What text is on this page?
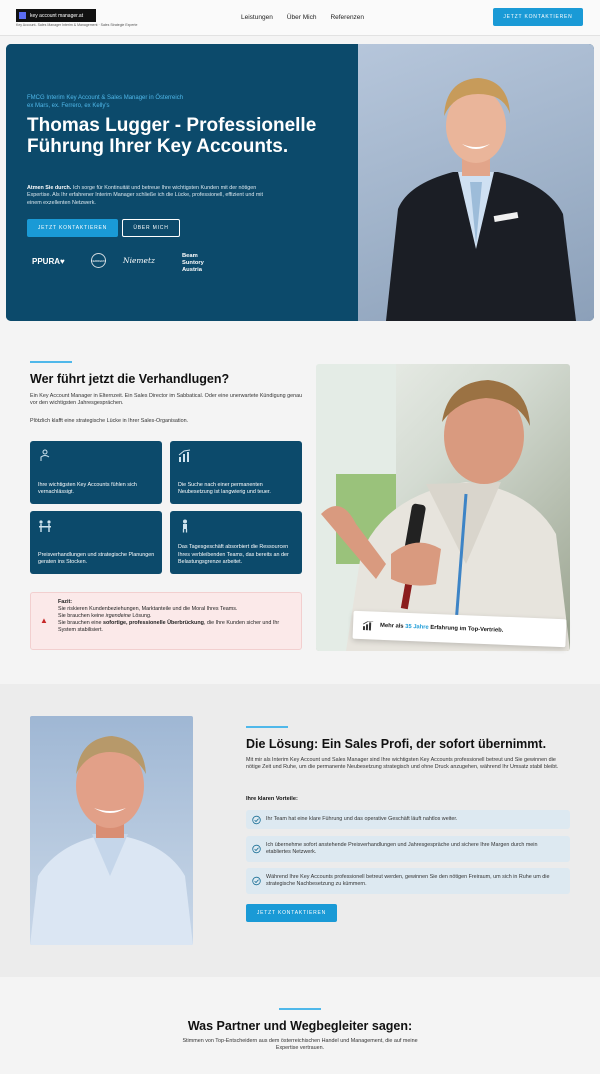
key account manager.at
Key Account- Sales Manager Interim & Management · Sales Strategie Experte
Leistungen Über Mich Referenzen	JETZT KONTAKTIEREN
FMCG Interim Key Account & Sales Manager in Österreich
ex Mars, ex. Ferrero, ex Kelly's
Thomas Lugger - Professionelle Führung Ihrer Key Accounts.

Atmen Sie durch. Ich sorge für Kontinuität und betreue Ihre wichtigsten Kunden mit der nötigen Expertise. Als Ihr erfahrener Interim Manager schließe ich die Lücke, professionell, effizient und mit einem exzellenten Netzwerk.

JETZT KONTAKTIEREN	ÜBER MICH
PPURA♥	FERRERO Niemetz	Beam Suntory
Austria
Wer führt jetzt die Verhandlugen?

Ein Key Account Manager in Elternzeit. Ein Sales Director im Sabbatical. Oder eine unerwartete Kündigung genau vor den wichtigsten Jahresgesprächen.

Plötzlich klafft eine strategische Lücke in Ihrer Sales-Organisation.

Ihre wichtigsten Key Accounts fühlen sich vernachlässigt.

Die Suche nach einer permanenten Neubesetzung ist langwierig und teuer.

Preisverhandlungen und strategische Planungen geraten ins Stocken.

Das Tagesgeschäft absorbiert die Ressourcen Ihres verbleibenden Teams, das bereits an der Belastungsgrenze arbeitet.

▲
Fazit:
Sie riskieren Kundenbeziehungen, Marktanteile und die Moral Ihres Teams.
Sie brauchen keine irgendeine Lösung.
Sie brauchen eine sofortige, professionelle Überbrückung, die Ihre Kunden sicher und Ihr System stabilisiert.
Mehr als 35 Jahre Erfahrung im Top-Vertrieb.
Die Lösung: Ein Sales Profi, der sofort übernimmt.

Mit mir als Interim Key Account und Sales Manager sind Ihre wichtigsten Key Accounts professionell betreut und Sie gewinnen die nötige Zeit und Ruhe, um die permanente Neubesetzung strategisch und ohne Druck anzugehen, während Ihr Umsatz stabil bleibt.

Ihre klaren Vorteile:

Ihr Team hat eine klare Führung und das operative Geschäft läuft nahtlos weiter.
Ich übernehme sofort anstehende Preisverhandlungen und Jahresgespräche und sichere Ihre Margen durch mein etabliertes Netzwerk.
Während Ihre Key Accounts professionell betreut werden, gewinnen Sie den nötigen Freiraum, um sich in Ruhe um die strategische Nachbesetzung zu kümmern.
JETZT KONTAKTIEREN
Was Partner und Wegbegleiter sagen:

Stimmen von Top-Entscheidern aus dem österreichischen Handel und Management, die auf meine Expertise vertrauen.
